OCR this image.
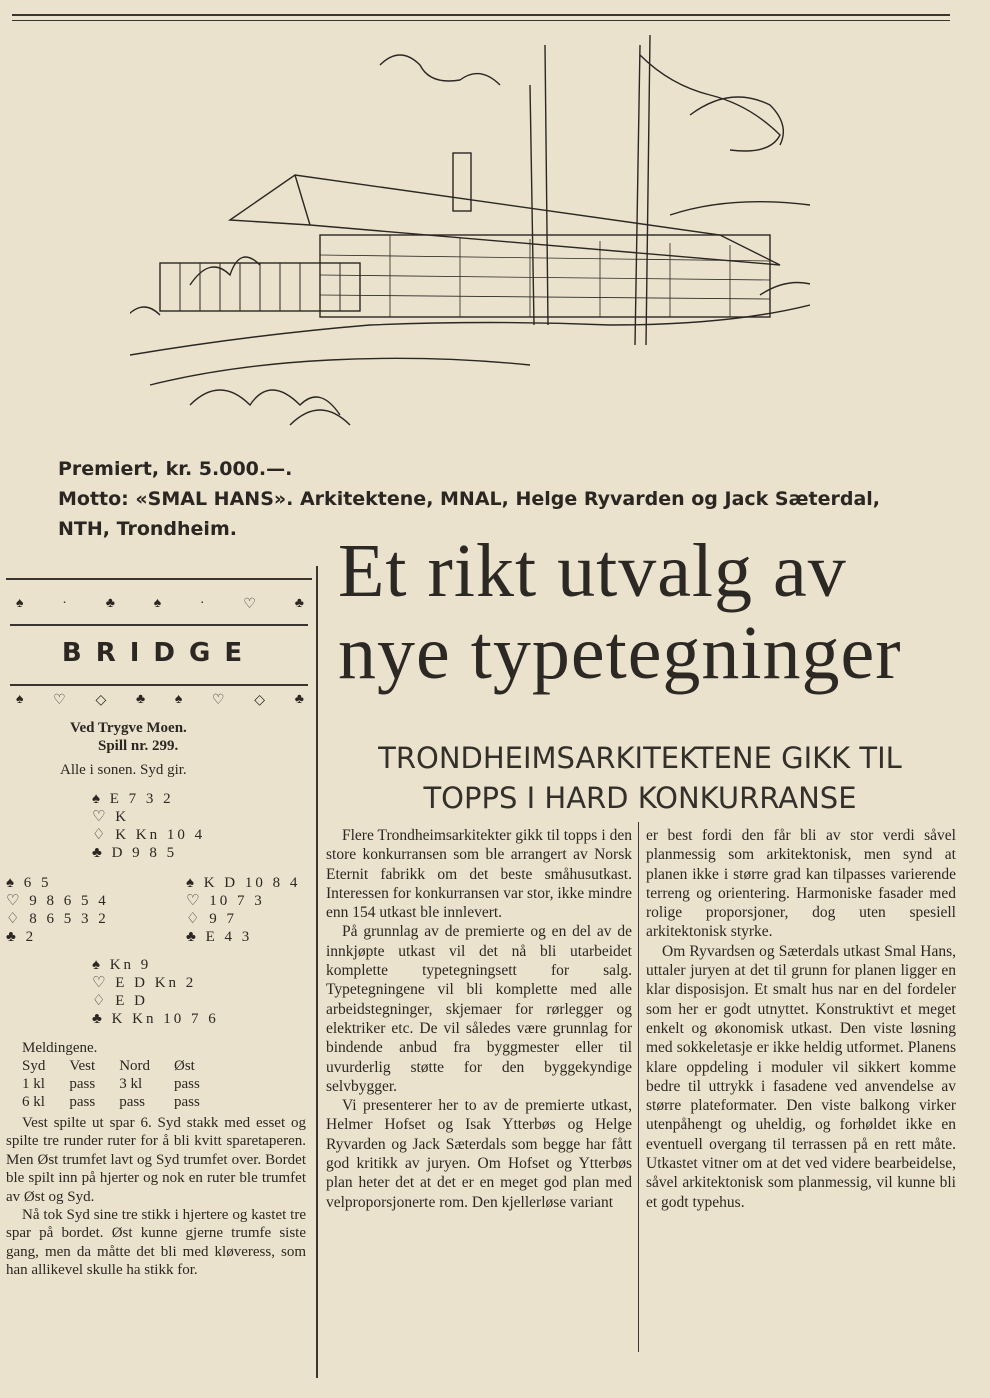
Premiert, kr. 5.000.—.
Motto: «SMAL HANS». Arkitektene, MNAL, Helge Ryvarden og Jack Sæterdal,
NTH, Trondheim.
♠	·	♣	♠	·	♡	♣
BRIDGE
♠ ♡ ◇ ♣ ♠ ♡ ◇ ♣
Ved Trygve Moen.
Spill nr. 299.
Alle i sonen. Syd gir.
♠ E 7 3 2
♡ K
♢ K Kn 10 4
♣ D 9 8 5
♠ 6 5
♡ 9 8 6 5 4
♢ 8 6 5 3 2
♣ 2
♠ K D 10 8 4
♡ 10 7 3
♢ 9 7
♣ E 4 3
♠ Kn 9
♡ E D Kn 2
♢ E D
♣ K Kn 10 7 6
Meldingene.
Syd	Vest	Nord	Øst
1 kl	pass	3 kl	pass
6 kl	pass	pass	pass

Vest spilte ut spar 6. Syd stakk med esset og spilte tre runder ruter for å bli kvitt sparetaperen. Men Øst trumfet lavt og Syd trumfet over. Bordet ble spilt inn på hjerter og nok en ruter ble trumfet av Øst og Syd.

Nå tok Syd sine tre stikk i hjertere og kastet tre spar på bordet. Øst kunne gjerne trumfe siste gang, men da måtte det bli med kløveress, som han allikevel skulle ha stikk for.

Et rikt utvalg av
nye typetegninger
TRONDHEIMSARKITEKTENE GIKK TIL
TOPPS I HARD KONKURRANSE

Flere Trondheimsarkitekter gikk til topps i den store konkurransen som ble arrangert av Norsk Eternit fabrikk om det beste småhusutkast. Interessen for konkurransen var stor, ikke mindre enn 154 utkast ble innlevert.

På grunnlag av de premierte og en del av de innkjøpte utkast vil det nå bli utarbeidet komplette typetegningsett for salg. Typetegningene vil bli komplette med alle arbeidstegninger, skjemaer for rørlegger og elektriker etc. De vil således være grunnlag for bindende anbud fra byggmester eller til uvurderlig støtte for den byggekyndige selvbygger.

Vi presenterer her to av de premierte utkast, Helmer Hofset og Isak Ytterbøs og Helge Ryvarden og Jack Sæterdals som begge har fått god kritikk av juryen. Om Hofset og Ytterbøs plan heter det at det er en meget god plan med velproporsjonerte rom. Den kjellerløse variant

er best fordi den får bli av stor verdi såvel planmessig som arkitektonisk, men synd at planen ikke i større grad kan tilpasses varierende terreng og orientering. Harmoniske fasader med rolige proporsjoner, dog uten spesiell arkitektonisk styrke.

Om Ryvardsen og Sæterdals utkast Smal Hans, uttaler juryen at det til grunn for planen ligger en klar disposisjon. Et smalt hus nar en del fordeler som her er godt utnyttet. Konstruktivt et meget enkelt og økonomisk utkast. Den viste løsning med sokkeletasje er ikke heldig utformet. Planens klare oppdeling i moduler vil sikkert komme bedre til uttrykk i fasadene ved anvendelse av større plateformater. Den viste balkong virker utenpåhengt og uheldig, og forhøldet ikke en eventuell overgang til terrassen på en rett måte. Utkastet vitner om at det ved videre bearbeidelse, såvel arkitektonisk som planmessig, vil kunne bli et godt typehus.
